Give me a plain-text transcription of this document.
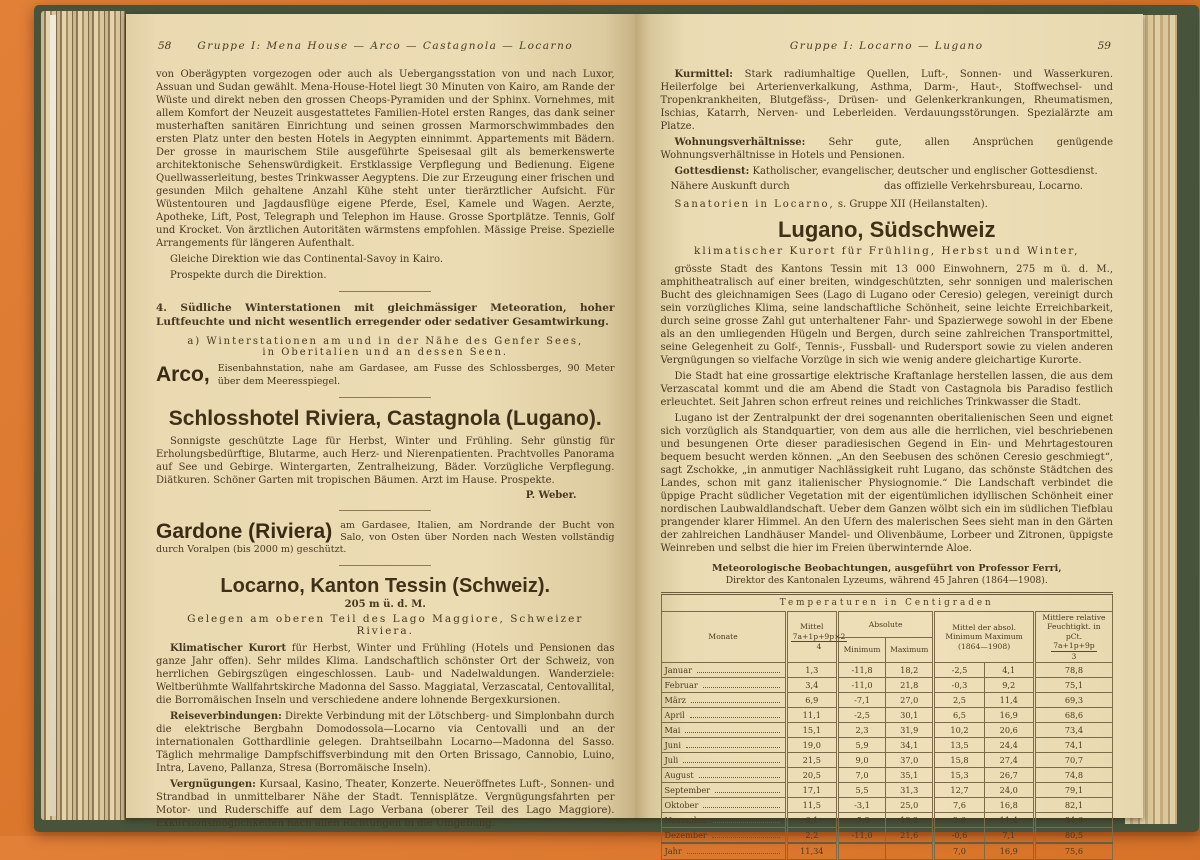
58	Gruppe I: Mena House — Arco — Castagnola — Locarno

von Oberägypten vorgezogen oder auch als Uebergangsstation von und nach Luxor, Assuan und Sudan gewählt. Mena-House-Hotel liegt 30 Minuten von Kairo, am Rande der Wüste und direkt neben den grossen Cheops-Pyramiden und der Sphinx. Vornehmes, mit allem Komfort der Neuzeit ausgestattetes Familien-Hotel ersten Ranges, das dank seiner musterhaften sanitären Einrichtung und seinen grossen Marmorschwimmbades den ersten Platz unter den besten Hotels in Aegypten einnimmt. Appartements mit Bädern. Der grosse in maurischem Stile ausgeführte Speisesaal gilt als bemerkenswerte architektonische Sehenswürdigkeit. Erstklassige Verpflegung und Bedienung. Eigene Quellwasserleitung, bestes Trinkwasser Aegyptens. Die zur Erzeugung einer frischen und gesunden Milch gehaltene Anzahl Kühe steht unter tierärztlicher Aufsicht. Für Wüstentouren und Jagdausflüge eigene Pferde, Esel, Kamele und Wagen. Aerzte, Apotheke, Lift, Post, Telegraph und Telephon im Hause. Grosse Sportplätze. Tennis, Golf und Krocket. Von ärztlichen Autoritäten wärmstens empfohlen. Mässige Preise. Spezielle Arrangements für längeren Aufenthalt.

Gleiche Direktion wie das Continental-Savoy in Kairo.

Prospekte durch die Direktion.

4. Südliche Winterstationen mit gleichmässiger Meteoration, hoher Luftfeuchte und nicht wesentlich erregender oder sedativer Gesamtwirkung.

a) Winterstationen am und in der Nähe des Genfer Sees,
in Oberitalien und an dessen Seen.
Arco, Eisenbahnstation, nahe am Gardasee, am Fusse des Schlossberges, 90 Meter über dem Meeresspiegel.

Schlosshotel Riviera, Castagnola (Lugano).

Sonnigste geschützte Lage für Herbst, Winter und Frühling. Sehr günstig für Erholungsbedürftige, Blutarme, auch Herz- und Nierenpatienten. Prachtvolles Panorama auf See und Gebirge. Wintergarten, Zentralheizung, Bäder. Vorzügliche Verpflegung. Diätkuren. Schöner Garten mit tropischen Bäumen. Arzt im Hause. Prospekte.

P. Weber.
Gardone (Riviera) am Gardasee, Italien, am Nordrande der Bucht von Salo, von Osten über Norden nach Westen vollständig durch Voralpen (bis 2000 m) geschützt.

Locarno, Kanton Tessin (Schweiz).
205 m ü. d. M.
Gelegen am oberen Teil des Lago Maggiore, Schweizer Riviera.

Klimatischer Kurort für Herbst, Winter und Frühling (Hotels und Pensionen das ganze Jahr offen). Sehr mildes Klima. Landschaftlich schönster Ort der Schweiz, von herrlichen Gebirgszügen eingeschlossen. Laub- und Nadelwaldungen. Wanderziele: Weltberühmte Wallfahrtskirche Madonna del Sasso. Maggiatal, Verzascatal, Centovallital, die Borromäischen Inseln und verschiedene andere lohnende Bergexkursionen.

Reiseverbindungen: Direkte Verbindung mit der Lötschberg- und Simplonbahn durch die elektrische Bergbahn Domodossola—Locarno via Centovalli und an der internationalen Gotthardlinie gelegen. Drahtseilbahn Locarno—Madonna del Sasso. Täglich mehrmalige Dampfschiffsverbindung mit den Orten Brissago, Cannobio, Luino, Intra, Laveno, Pallanza, Stresa (Borromäische Inseln).

Vergnügungen: Kursaal, Kasino, Theater, Konzerte. Neueröffnetes Luft-, Sonnen- und Strandbad in unmittelbarer Nähe der Stadt. Tennisplätze. Vergnügungsfahrten per Motor- und Ruderschiffe auf dem Lago Verbana (oberer Teil des Lago Maggiore). Exkursionsmöglichkeiten nach allen Richtungen in die Umgebung.

Gruppe I: Locarno — Lugano	59

Kurmittel: Stark radiumhaltige Quellen, Luft-, Sonnen- und Wasserkuren. Heilerfolge bei Arterienverkalkung, Asthma, Darm-, Haut-, Stoffwechsel- und Tropenkrankheiten, Blutgefäss-, Drüsen- und Gelenkerkrankungen, Rheumatismen, Ischias, Katarrh, Nerven- und Leberleiden. Verdauungsstörungen. Spezialärzte am Platze.

Wohnungsverhältnisse: Sehr gute, allen Ansprüchen genügende Wohnungsverhältnisse in Hotels und Pensionen.

Gottesdienst: Katholischer, evangelischer, deutscher und englischer Gottesdienst.

Nähere Auskunft durch	das offizielle Verkehrsbureau, Locarno.

Sanatorien in Locarno, s. Gruppe XII (Heilanstalten).

Lugano, Südschweiz
klimatischer Kurort für Frühling, Herbst und Winter,

grösste Stadt des Kantons Tessin mit 13 000 Einwohnern, 275 m ü. d. M., amphitheatralisch auf einer breiten, windgeschützten, sehr sonnigen und malerischen Bucht des gleichnamigen Sees (Lago di Lugano oder Ceresio) gelegen, vereinigt durch sein vorzügliches Klima, seine landschaftliche Schönheit, seine leichte Erreichbarkeit, durch seine grosse Zahl gut unterhaltener Fahr- und Spazierwege sowohl in der Ebene als an den umliegenden Hügeln und Bergen, durch seine zahlreichen Transportmittel, seine Gelegenheit zu Golf-, Tennis-, Fussball- und Rudersport sowie zu vielen anderen Vergnügungen so vielfache Vorzüge in sich wie wenig andere gleichartige Kurorte.

Die Stadt hat eine grossartige elektrische Kraftanlage herstellen lassen, die aus dem Verzascatal kommt und die am Abend die Stadt von Castagnola bis Paradiso festlich erleuchtet. Seit Jahren schon erfreut reines und reichliches Trinkwasser die Stadt.

Lugano ist der Zentralpunkt der drei sogenannten oberitalienischen Seen und eignet sich vorzüglich als Standquartier, von dem aus alle die herrlichen, viel beschriebenen und besungenen Orte dieser paradiesischen Gegend in Ein- und Mehrtagestouren bequem besucht werden können. „An den Seebusen des schönen Ceresio geschmiegt“, sagt Zschokke, „in anmutiger Nachlässigkeit ruht Lugano, das schönste Städtchen des Landes, schon mit ganz italienischer Physiognomie.“ Die Landschaft verbindet die üppige Pracht südlicher Vegetation mit der eigentümlichen idyllischen Schönheit einer nordischen Laubwaldlandschaft. Ueber dem Ganzen wölbt sich ein im südlichen Tiefblau prangender klarer Himmel. An den Ufern des malerischen Sees sieht man in den Gärten der zahlreichen Landhäuser Mandel- und Olivenbäume, Lorbeer und Zitronen, üppigste Weinreben und selbst die hier im Freien überwinternde Aloe.

Meteorologische Beobachtungen, ausgeführt von Professor Ferri,
Direktor des Kantonalen Lyzeums, während 45 Jahren (1864—1908).
Temperaturen in Centigraden						
Monate	Mittel

$\frac{7a+1p+9p\times 2}{4}$	Absolute		Mittel der absol.
Minimum Maximum
(1864—1908)		Mittlere relative
Feuchtigkt. in pCt.

$\frac{7a+1p+9p}{3}$

		Minimum	Maximum			

Januar	1,3	-11,8	18,2	-2,5	4,1	78,8

Februar	3,4	-11,0	21,8	-0,3	9,2	75,1

März	6,9	-7,1	27,0	2,5	11,4	69,3

April	11,1	-2,5	30,1	6,5	16,9	68,6

Mai	15,1	2,3	31,9	10,2	20,6	73,4

Juni	19,0	5,9	34,1	13,5	24,4	74,1

Juli	21,5	9,0	37,0	15,8	27,4	70,7

August	20,5	7,0	35,1	15,3	26,7	74,8

September	17,1	5,5	31,3	12,7	24,0	79,1

Oktober	11,5	-3,1	25,0	7,6	16,8	82,1

November	6,1	-5,2	13,2	2,6	11,4	84,6

Dezember	2,2	-11,0	21,6	-0,6	7,1	80,5

Jahr	11,34			7,0	16,9	75,6
